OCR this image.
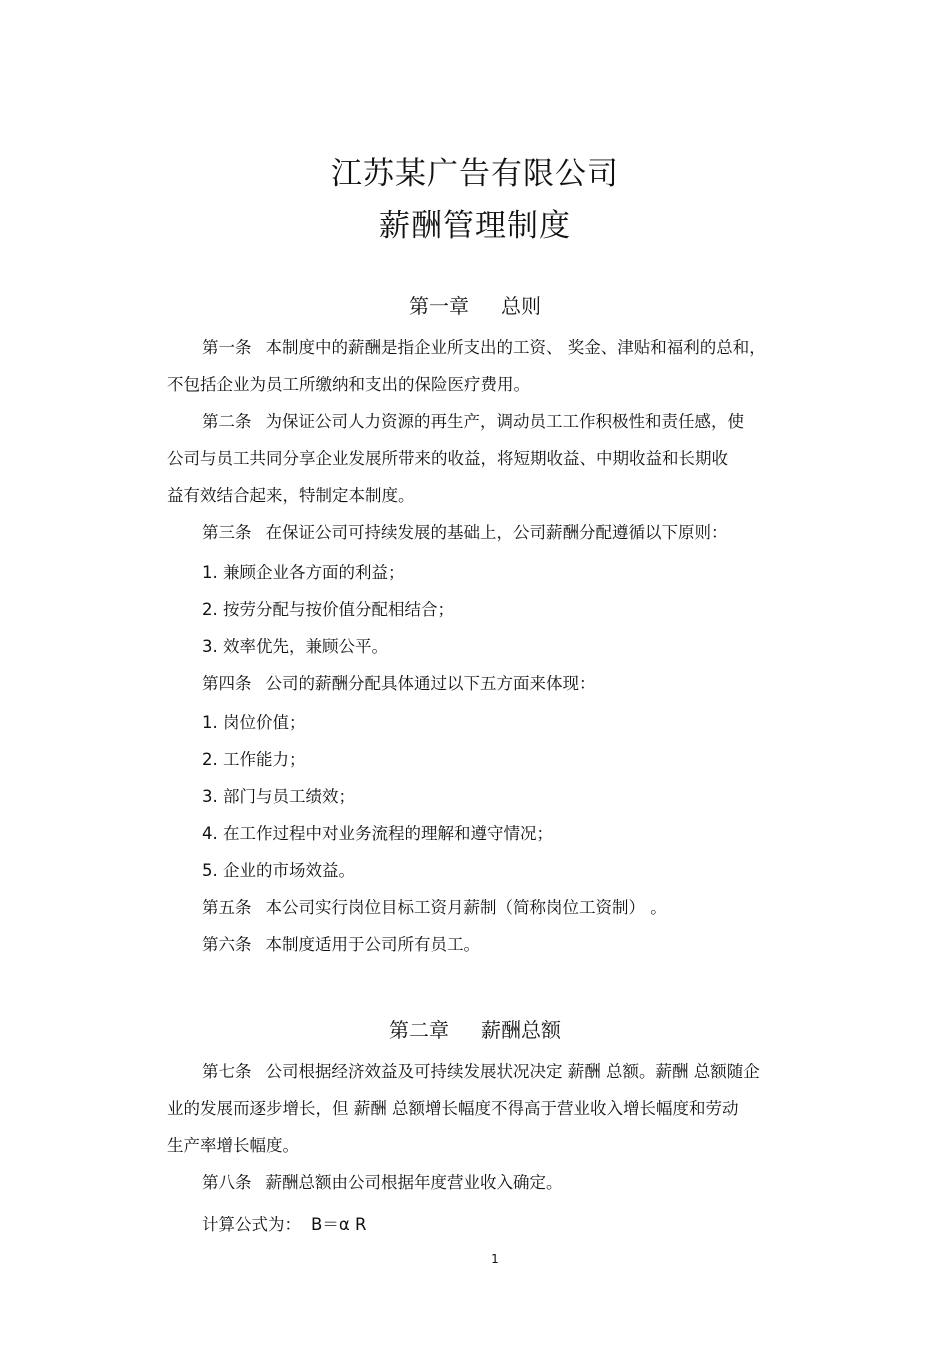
江苏某广告有限公司
薪酬管理制度
第一章 总则
第一条 本制度中的薪酬是指企业所支出的工资、 奖金、津贴和福利的总和，
不包括企业为员工所缴纳和支出的保险医疗费用。
第二条 为保证公司人力资源的再生产，调动员工工作积极性和责任感，使
公司与员工共同分享企业发展所带来的收益，将短期收益、中期收益和长期收
益有效结合起来，特制定本制度。
第三条 在保证公司可持续发展的基础上，公司薪酬分配遵循以下原则：
1. 兼顾企业各方面的利益；
2. 按劳分配与按价值分配相结合；
3. 效率优先，兼顾公平。
第四条 公司的薪酬分配具体通过以下五方面来体现：
1. 岗位价值；
2. 工作能力；
3. 部门与员工绩效；
4. 在工作过程中对业务流程的理解和遵守情况；
5. 企业的市场效益。
第五条 本公司实行岗位目标工资月薪制（简称岗位工资制） 。
第六条 本制度适用于公司所有员工。
第二章 薪酬总额
第七条 公司根据经济效益及可持续发展状况决定 薪酬 总额。薪酬 总额随企
业的发展而逐步增长，但 薪酬 总额增长幅度不得高于营业收入增长幅度和劳动
生产率增长幅度。
第八条 薪酬总额由公司根据年度营业收入确定。
计算公式为： B＝α R
1
